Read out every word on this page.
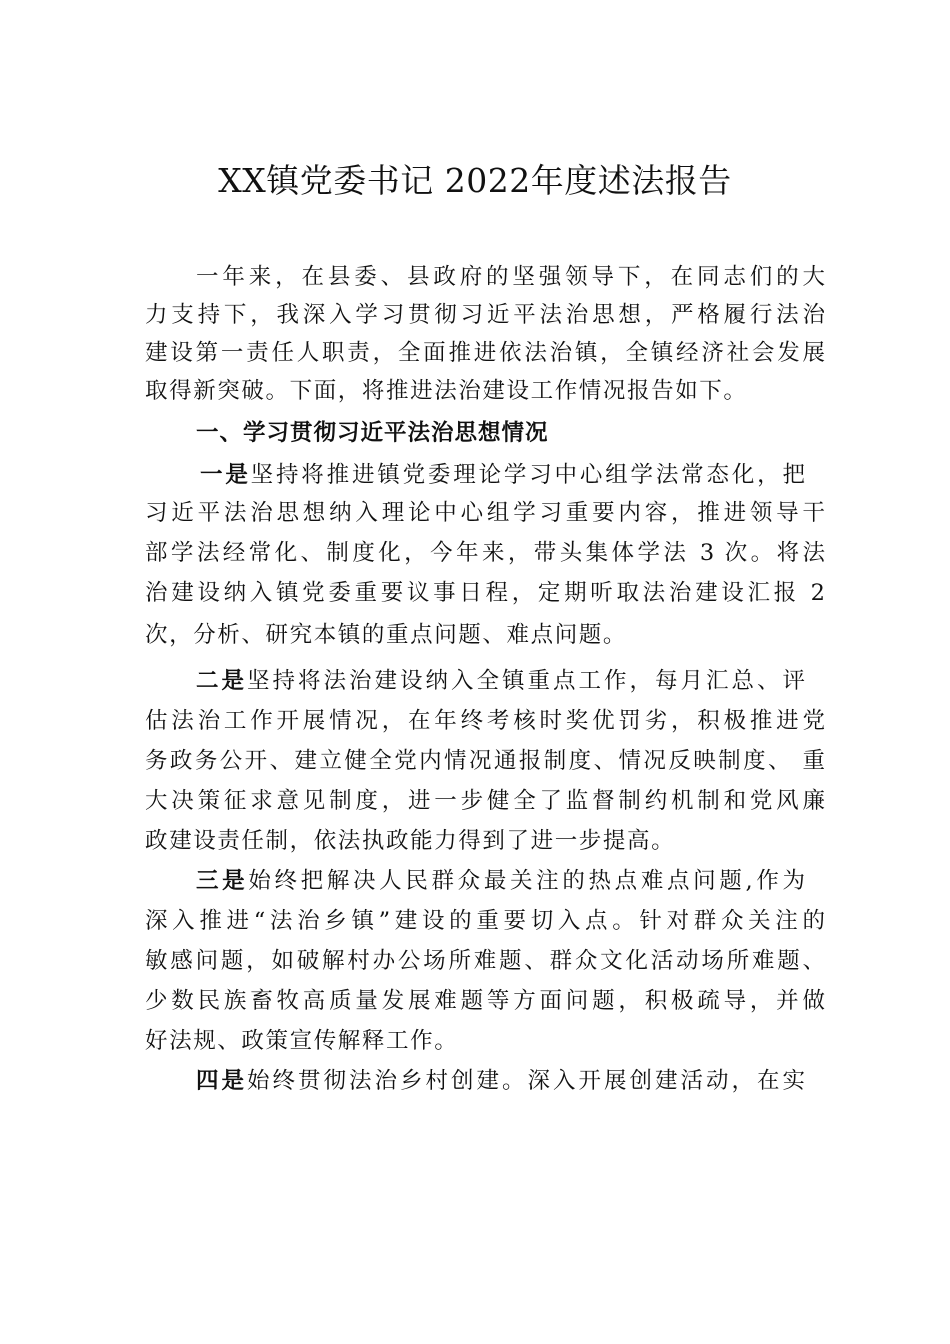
XX镇党委书记 2022年度述法报告
一年来，在县委、县政府的坚强领导下，在同志们的大
力支持下，我深入学习贯彻习近平法治思想，严格履行法治
建设第一责任人职责，全面推进依法治镇，全镇经济社会发展
取得新突破。下面，将推进法治建设工作情况报告如下。
一、学习贯彻习近平法治思想情况
一是坚持将推进镇党委理论学习中心组学法常态化，把
习近平法治思想纳入理论中心组学习重要内容，推进领导干
部学法经常化、制度化，今年来，带头集体学法 3 次。将法
治建设纳入镇党委重要议事日程，定期听取法治建设汇报 2
次，分析、研究本镇的重点问题、难点问题。
二是坚持将法治建设纳入全镇重点工作，每月汇总、评
估法治工作开展情况，在年终考核时奖优罚劣，积极推进党
务政务公开、建立健全党内情况通报制度、情况反映制度、 重
大决策征求意见制度，进一步健全了监督制约机制和党风廉
政建设责任制，依法执政能力得到了进一步提高。
三是始终把解决人民群众最关注的热点难点问题,作为
深入推进“法治乡镇”建设的重要切入点。针对群众关注的
敏感问题，如破解村办公场所难题、群众文化活动场所难题、
少数民族畜牧高质量发展难题等方面问题，积极疏导，并做
好法规、政策宣传解释工作。
四是始终贯彻法治乡村创建。深入开展创建活动，在实
